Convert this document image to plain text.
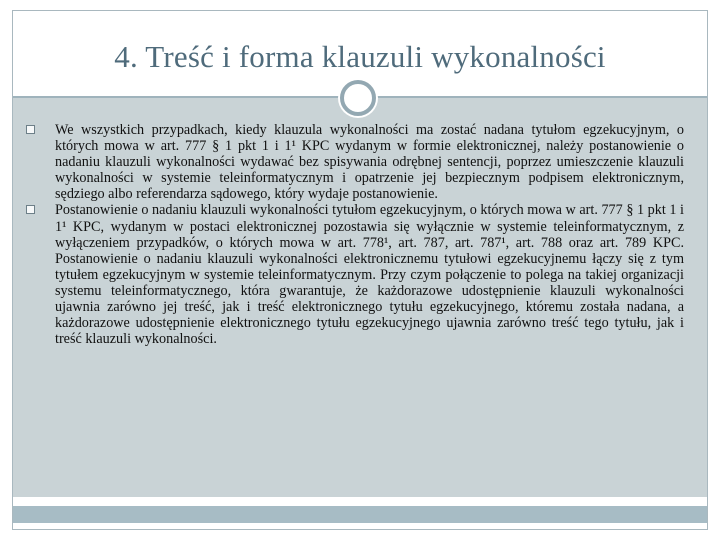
4. Treść i forma klauzuli wykonalności
We wszystkich przypadkach, kiedy klauzula wykonalności ma zostać nadana tytułom egzekucyjnym, o których mowa w art. 777 § 1 pkt 1 i 1¹ KPC wydanym w formie elektronicznej, należy postanowienie o nadaniu klauzuli wykonalności wydawać bez spisywania odrębnej sentencji, poprzez umieszczenie klauzuli wykonalności w systemie teleinformatycznym i opatrzenie jej bezpiecznym podpisem elektronicznym, sędziego albo referendarza sądowego, który wydaje postanowienie.
Postanowienie o nadaniu klauzuli wykonalności tytułom egzekucyjnym, o których mowa w art. 777 § 1 pkt 1 i 1¹ KPC, wydanym w postaci elektronicznej pozostawia się wyłącznie w systemie teleinformatycznym, z wyłączeniem przypadków, o których mowa w art. 778¹, art. 787, art. 787¹, art. 788 oraz art. 789 KPC. Postanowienie o nadaniu klauzuli wykonalności elektronicznemu tytułowi egzekucyjnemu łączy się z tym tytułem egzekucyjnym w systemie teleinformatycznym. Przy czym połączenie to polega na takiej organizacji systemu teleinformatycznego, która gwarantuje, że każdorazowe udostępnienie klauzuli wykonalności ujawnia zarówno jej treść, jak i treść elektronicznego tytułu egzekucyjnego, któremu została nadana, a każdorazowe udostępnienie elektronicznego tytułu egzekucyjnego ujawnia zarówno treść tego tytułu, jak i treść klauzuli wykonalności.
